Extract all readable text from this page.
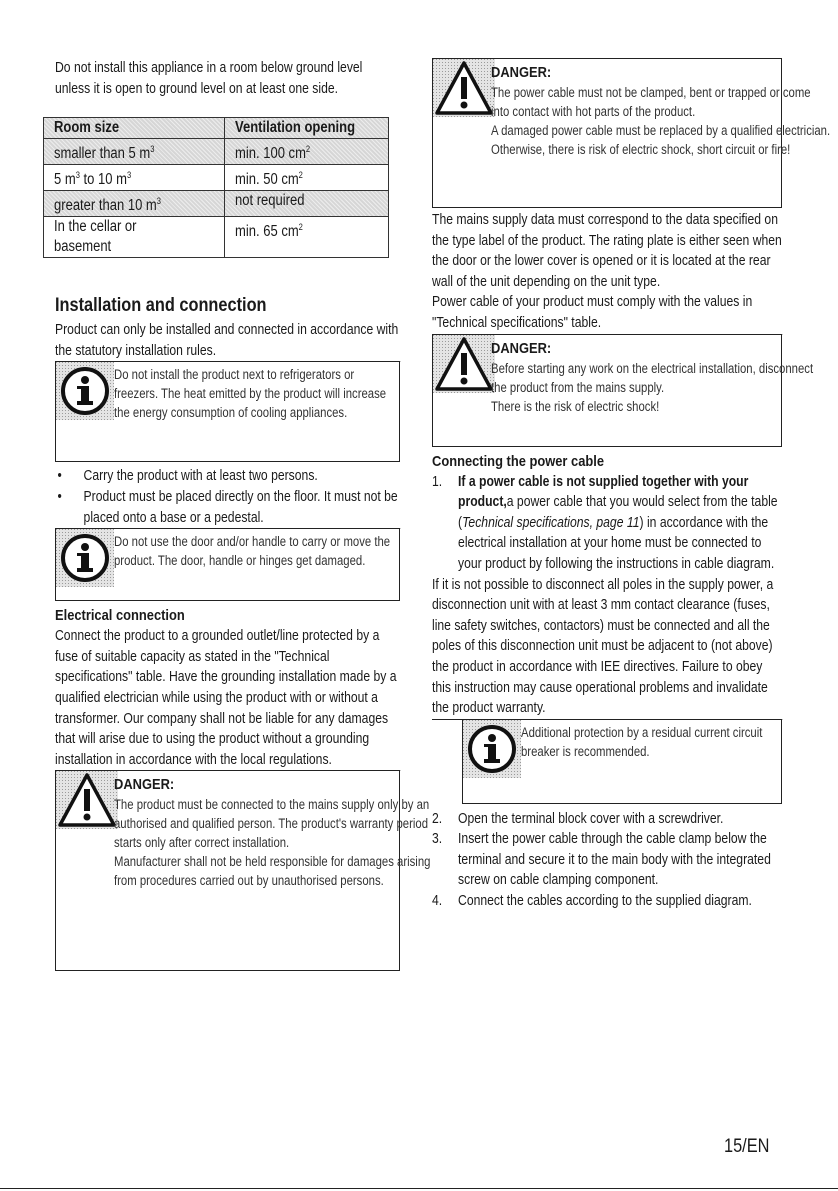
Do not install this appliance in a room below ground level unless it is open to ground level on at least one side.

Room size	Ventilation opening
smaller than 5 $m^3$	min. 100 $cm^2$
5 $m^3$ to 10 $m^3$	min. 50 $cm^2$
greater than 10 $m^3$	not required
In the cellar or
basement	min. 65 $cm^2$
Installation and connection

Product can only be installed and connected in accordance with the statutory installation rules.

Do not install the product next to refrigerators or freezers. The heat emitted by the product will increase the energy consumption of cooling appliances.

• Carry the product with at least two persons.
• Product must be placed directly on the floor. It must not be placed onto a base or a pedestal.

Do not use the door and/or handle to carry or move the product. The door, handle or hinges get damaged.

Electrical connection

Connect the product to a grounded outlet/line protected by a fuse of suitable capacity as stated in the "Technical specifications" table. Have the grounding installation made by a qualified electrician while using the product with or without a transformer. Our company shall not be liable for any damages that will arise due to using the product without a grounding installation in accordance with the local regulations.

DANGER:

The product must be connected to the mains supply only by an authorised and qualified person. The product's warranty period starts only after correct installation.

Manufacturer shall not be held responsible for damages arising from procedures carried out by unauthorised persons.

DANGER:

The power cable must not be clamped, bent or trapped or come into contact with hot parts of the product.

A damaged power cable must be replaced by a qualified electrician. Otherwise, there is risk of electric shock, short circuit or fire!

The mains supply data must correspond to the data specified on the type label of the product. The rating plate is either seen when the door or the lower cover is opened or it is located at the rear wall of the unit depending on the unit type.

Power cable of your product must comply with the values in "Technical specifications" table.

DANGER:

Before starting any work on the electrical installation, disconnect the product from the mains supply.

There is the risk of electric shock!

Connecting the power cable
1. If a power cable is not supplied together with your product,a power cable that you would select from the table (Technical specifications, page 11) in accordance with the electrical installation at your home must be connected to your product by following the instructions in cable diagram.

If it is not possible to disconnect all poles in the supply power, a disconnection unit with at least 3 mm contact clearance (fuses, line safety switches, contactors) must be connected and all the poles of this disconnection unit must be adjacent to (not above) the product in accordance with IEE directives. Failure to obey this instruction may cause operational problems and invalidate the product warranty.

Additional protection by a residual current circuit breaker is recommended.

2. Open the terminal block cover with a screwdriver.
3. Insert the power cable through the cable clamp below the terminal and secure it to the main body with the integrated screw on cable clamping component.
4. Connect the cables according to the supplied diagram.
15/EN
